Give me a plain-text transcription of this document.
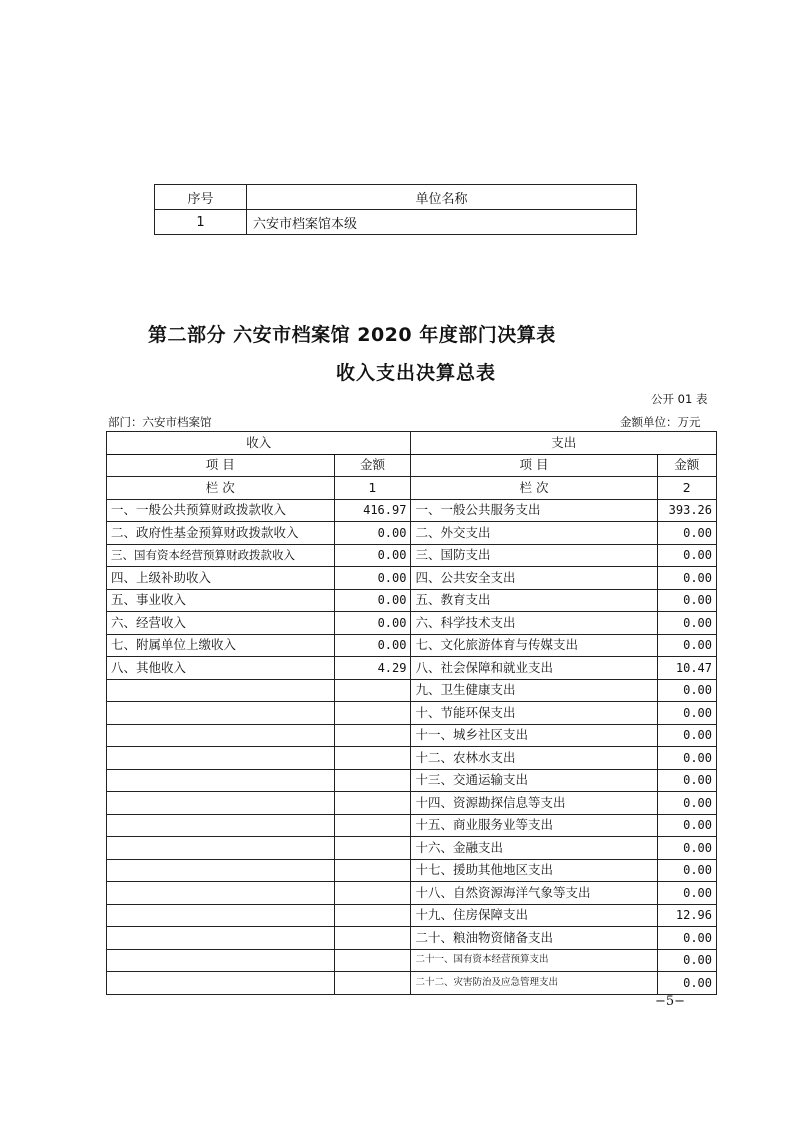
序号	单位名称
1	六安市档案馆本级
第二部分 六安市档案馆 2020 年度部门决算表
收入支出决算总表
公开 01 表
部门：六安市档案馆	金额单位：万元
收入		支出	
项 目	金额	项 目	金额
栏 次	1	栏 次	2
一、一般公共预算财政拨款收入	416.97	一、一般公共服务支出	393.26
二、政府性基金预算财政拨款收入	0.00	二、外交支出	0.00
三、国有资本经营预算财政拨款收入	0.00	三、国防支出	0.00
四、上级补助收入	0.00	四、公共安全支出	0.00
五、事业收入	0.00	五、教育支出	0.00
六、经营收入	0.00	六、科学技术支出	0.00
七、附属单位上缴收入	0.00	七、文化旅游体育与传媒支出	0.00
八、其他收入	4.29	八、社会保障和就业支出	10.47
		九、卫生健康支出	0.00
		十、节能环保支出	0.00
		十一、城乡社区支出	0.00
		十二、农林水支出	0.00
		十三、交通运输支出	0.00
		十四、资源勘探信息等支出	0.00
		十五、商业服务业等支出	0.00
		十六、金融支出	0.00
		十七、援助其他地区支出	0.00
		十八、自然资源海洋气象等支出	0.00
		十九、住房保障支出	12.96
		二十、粮油物资储备支出	0.00
		二十一、国有资本经营预算支出	0.00
		二十二、灾害防治及应急管理支出	0.00
−5−
